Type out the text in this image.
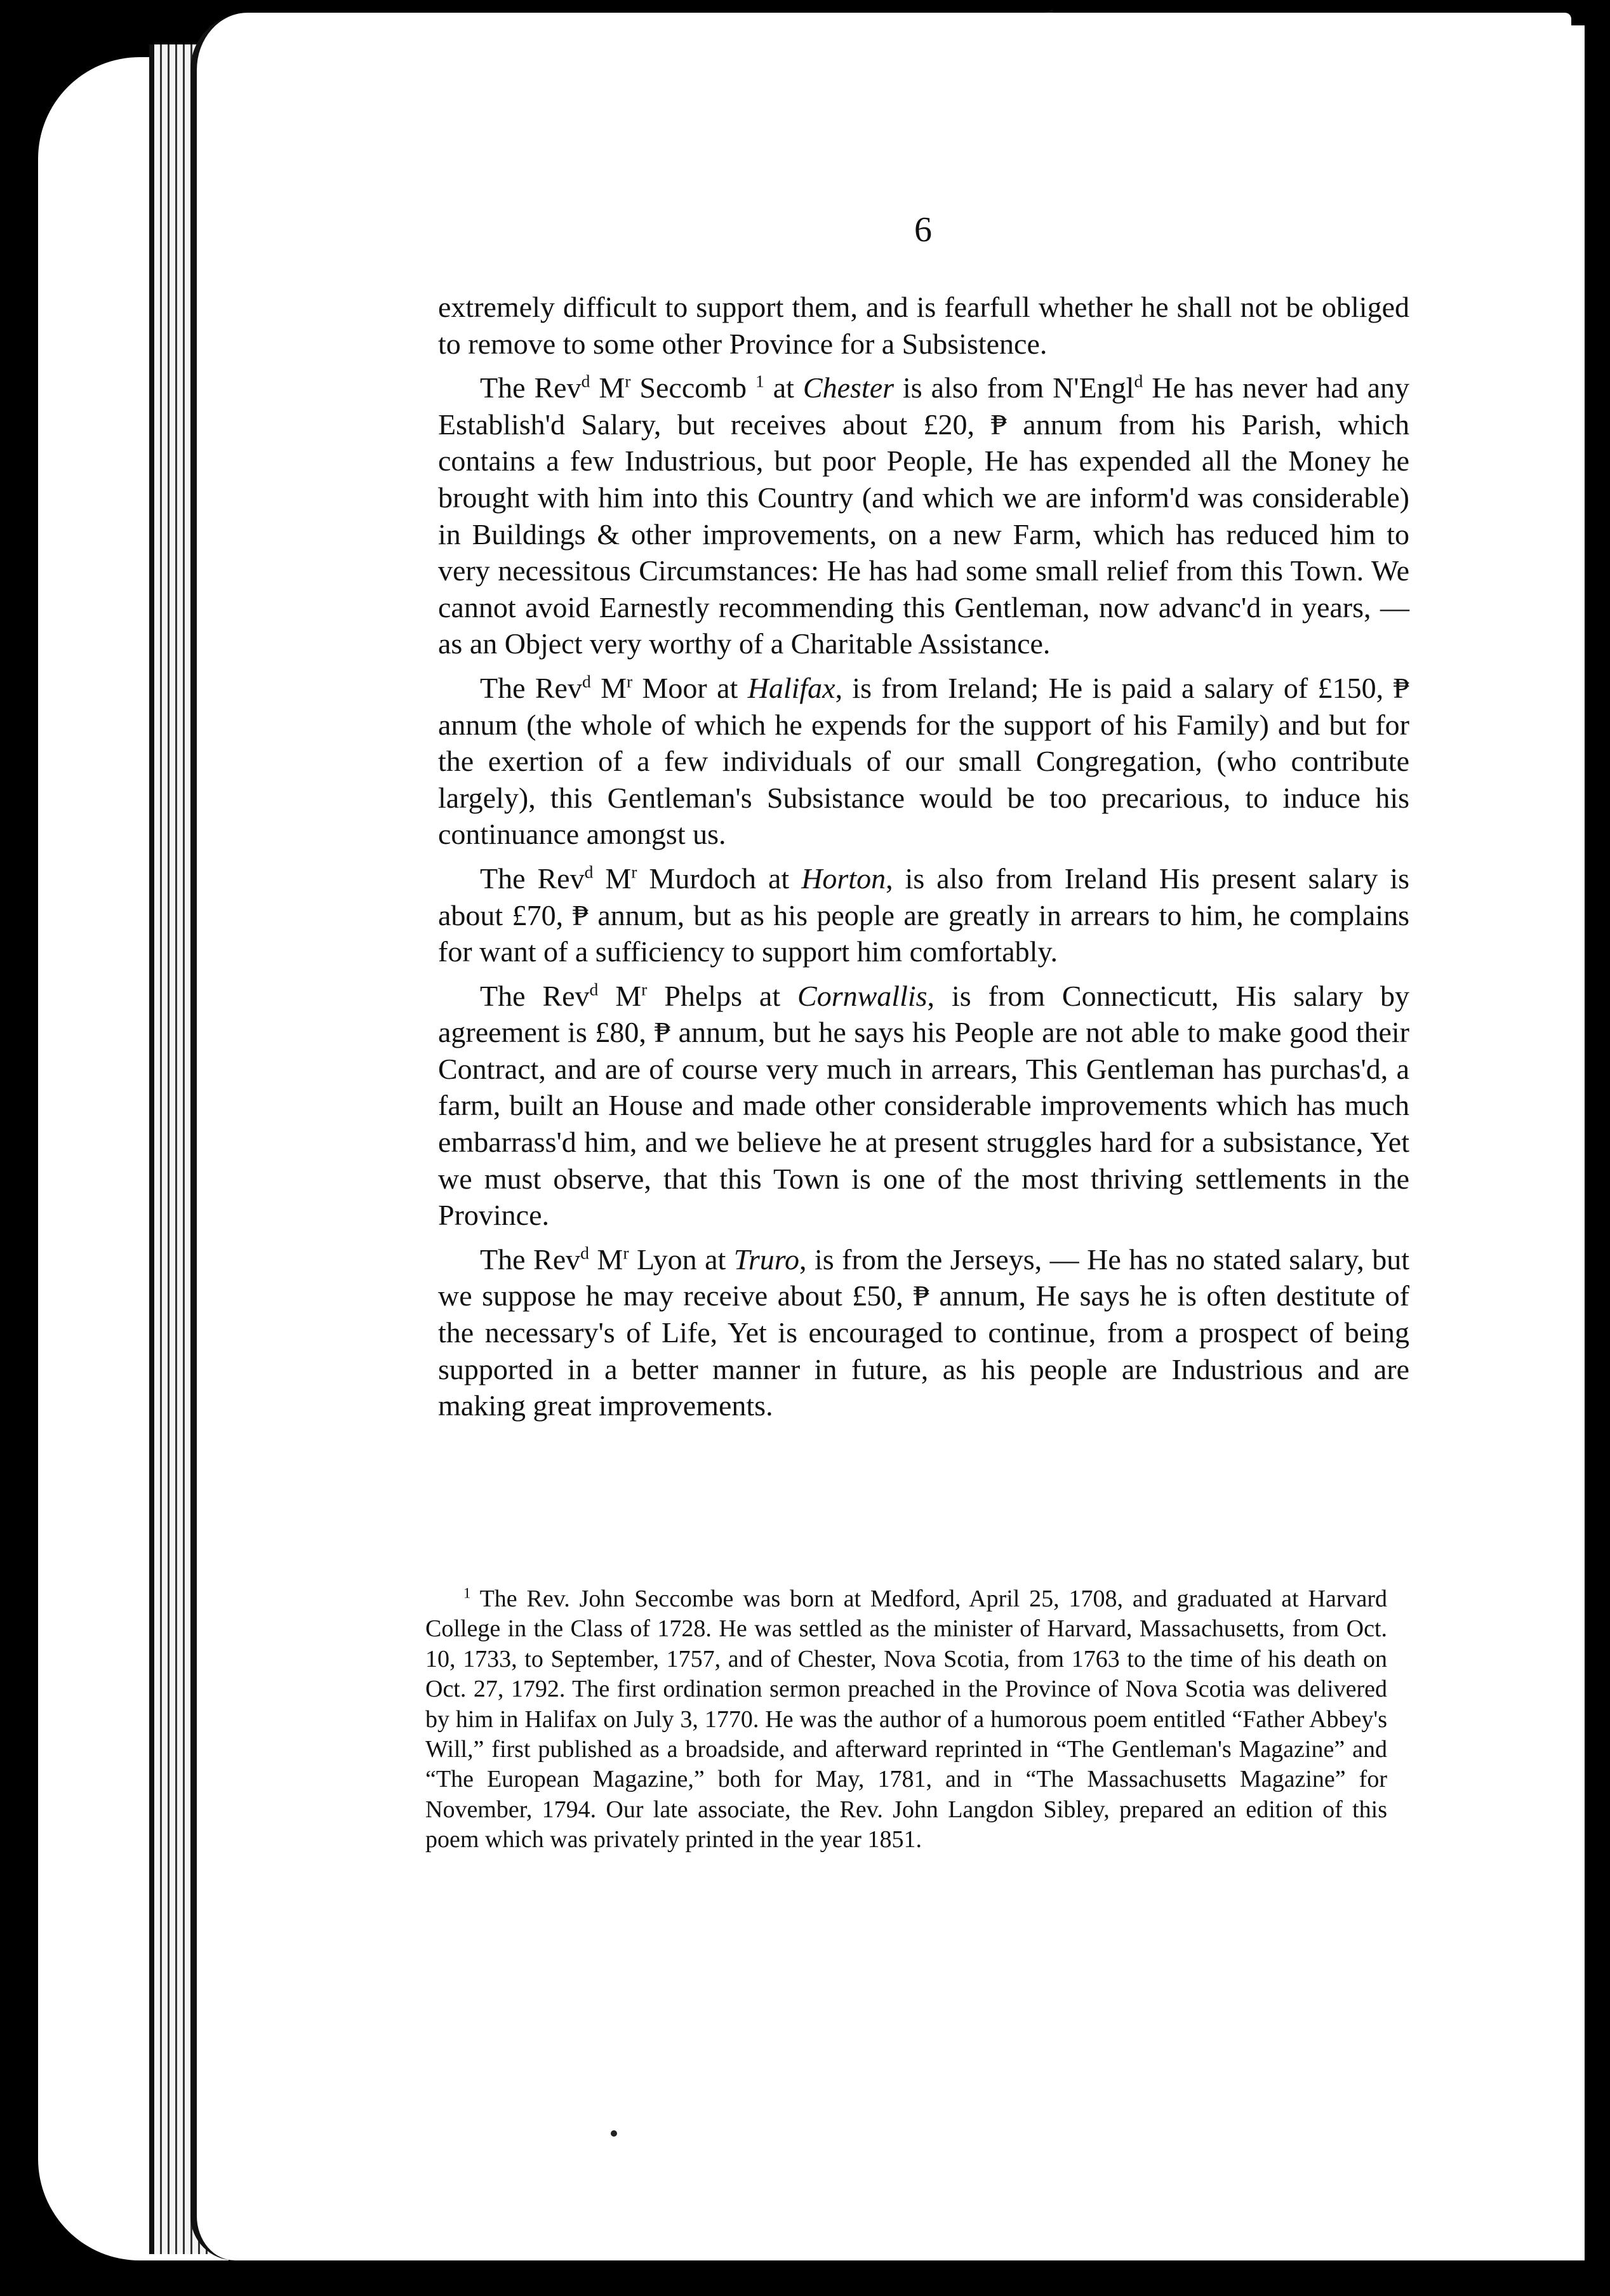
6

extremely difficult to support them, and is fearfull whether he shall not be obliged to remove to some other Province for a Subsistence.

The Rev$^d$ $M^r$ Seccomb $^1$ at Chester is also from N'Engl$^d$ He has never had any Establish'd Salary, but receives about £20, ₱ annum from his Parish, which contains a few Industrious, but poor People, He has expended all the Money he brought with him into this Country (and which we are inform'd was considerable) in Buildings & other improvements, on a new Farm, which has reduced him to very necessitous Circumstances: He has had some small relief from this Town. We cannot avoid Earnestly recommending this Gentleman, now advanc'd in years, — as an Object very worthy of a Charitable Assistance.

The Rev$^d$ $M^r$ Moor at Halifax, is from Ireland; He is paid a salary of £150, ₱ annum (the whole of which he expends for the support of his Family) and but for the exertion of a few individuals of our small Congregation, (who contribute largely), this Gentleman's Subsistance would be too precarious, to induce his continuance amongst us.

The Rev$^d$ $M^r$ Murdoch at Horton, is also from Ireland His present salary is about £70, ₱ annum, but as his people are greatly in arrears to him, he complains for want of a sufficiency to support him comfortably.

The Rev$^d$ $M^r$ Phelps at Cornwallis, is from Connecticutt, His salary by agreement is £80, ₱ annum, but he says his People are not able to make good their Contract, and are of course very much in arrears, This Gentleman has purchas'd, a farm, built an House and made other considerable improvements which has much embarrass'd him, and we believe he at present struggles hard for a subsistance, Yet we must observe, that this Town is one of the most thriving settlements in the Province.

The Rev$^d$ $M^r$ Lyon at Truro, is from the Jerseys, — He has no stated salary, but we suppose he may receive about £50, ₱ annum, He says he is often destitute of the necessary's of Life, Yet is encouraged to continue, from a prospect of being supported in a better manner in future, as his people are Industrious and are making great improvements.

$^1$ The Rev. John Seccombe was born at Medford, April 25, 1708, and graduated at Harvard College in the Class of 1728. He was settled as the minister of Harvard, Massachusetts, from Oct. 10, 1733, to September, 1757, and of Chester, Nova Scotia, from 1763 to the time of his death on Oct. 27, 1792. The first ordination sermon preached in the Province of Nova Scotia was delivered by him in Halifax on July 3, 1770. He was the author of a humorous poem entitled “Father Abbey's Will,” first published as a broadside, and afterward reprinted in “The Gentleman's Magazine” and “The European Magazine,” both for May, 1781, and in “The Massachusetts Magazine” for November, 1794. Our late associate, the Rev. John Langdon Sibley, prepared an edition of this poem which was privately printed in the year 1851.
